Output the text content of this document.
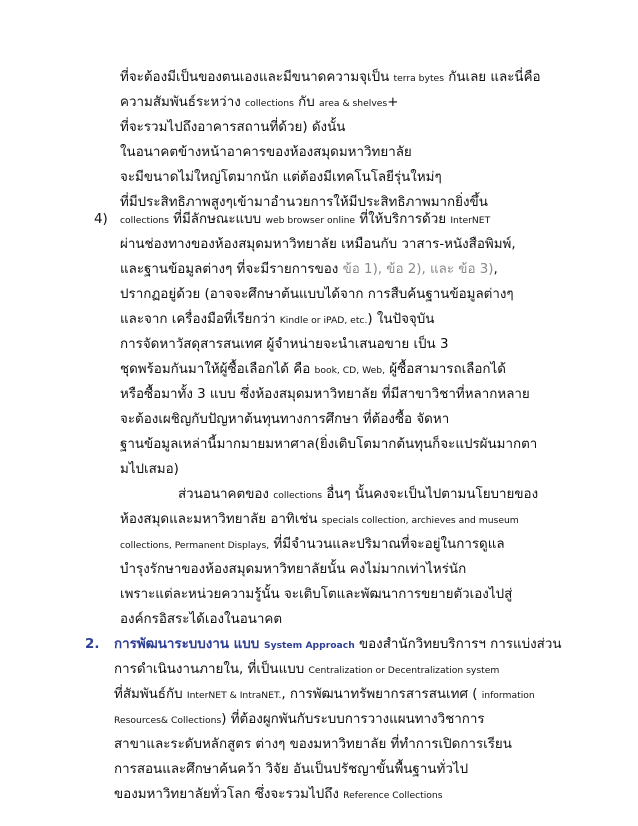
ที่จะต้องมีเป็นของตนเองและมีขนาดความจุเป็น terra bytes กันเลย และนี่คือ
ความสัมพันธ์ระหว่าง collections กับ area & shelves+
ที่จะรวมไปถึงอาคารสถานที่ด้วย) ดังนั้น
ในอนาคตข้างหน้าอาคารของห้องสมุดมหาวิทยาลัย
จะมีขนาดไม่ใหญ่โตมากนัก แต่ต้องมีเทคโนโลยีรุ่นใหม่ๆ
ที่มีประสิทธิภาพสูงๆเข้ามาอำนวยการให้มีประสิทธิภาพมากยิ่งขึ้น
4) collections ที่มีลักษณะแบบ web browser online ที่ให้บริการด้วย InterNET
ผ่านช่องทางของห้องสมุดมหาวิทยาลัย เหมือนกับ วาสาร-หนังสือพิมพ์,
และฐานข้อมูลต่างๆ ที่จะมีรายการของ ข้อ 1), ข้อ 2), และ ข้อ 3),
ปรากฏอยู่ด้วย (อาจจะศึกษาต้นแบบได้จาก การสืบค้นฐานข้อมูลต่างๆ
และจาก เครื่องมือที่เรียกว่า Kindle or iPAD, etc.) ในปัจจุบัน
การจัดหาวัสดุสารสนเทศ ผู้จำหน่ายจะนำเสนอขาย เป็น 3
ชุดพร้อมกันมาให้ผู้ซื้อเลือกได้ คือ book, CD, Web, ผู้ซื้อสามารถเลือกได้
หรือซื้อมาทั้ง 3 แบบ ซึ่งห้องสมุดมหาวิทยาลัย ที่มีสาขาวิชาที่หลากหลาย
จะต้องเผชิญกับปัญหาต้นทุนทางการศึกษา ที่ต้องซื้อ จัดหา
ฐานข้อมูลเหล่านี้มากมายมหาศาล(ยิ่งเติบโตมากต้นทุนก็จะแปรผันมากตา
มไปเสมอ)
ส่วนอนาคตของ collections อื่นๆ นั้นคงจะเป็นไปตามนโยบายของ
ห้องสมุดและมหาวิทยาลัย อาทิเช่น specials collection, archieves and museum
collections, Permanent Displays, ที่มีจำนวนและปริมาณที่จะอยู่ในการดูแล
บำรุงรักษาของห้องสมุดมหาวิทยาลัยนั้น คงไม่มากเท่าไหร่นัก
เพราะแต่ละหน่วยความรู้นั้น จะเติบโตและพัฒนาการขยายตัวเองไปสู่
องค์กรอิสระได้เองในอนาคต
2. การพัฒนาระบบงาน แบบ System Approach ของสำนักวิทยบริการฯ การแบ่งส่วน
การดำเนินงานภายใน, ที่เป็นแบบ Centralization or Decentralization system
ที่สัมพันธ์กับ InterNET & IntraNET., การพัฒนาทรัพยากรสารสนเทศ ( information
Resources& Collections) ที่ต้องผูกพันกับระบบการวางแผนทางวิชาการ
สาขาและระดับหลักสูตร ต่างๆ ของมหาวิทยาลัย ที่ทำการเปิดการเรียน
การสอนและศึกษาค้นคว้า วิจัย อันเป็นปรัชญาขั้นพื้นฐานทั่วไป
ของมหาวิทยาลัยทั่วโลก ซึ่งจะรวมไปถึง Reference Collections
